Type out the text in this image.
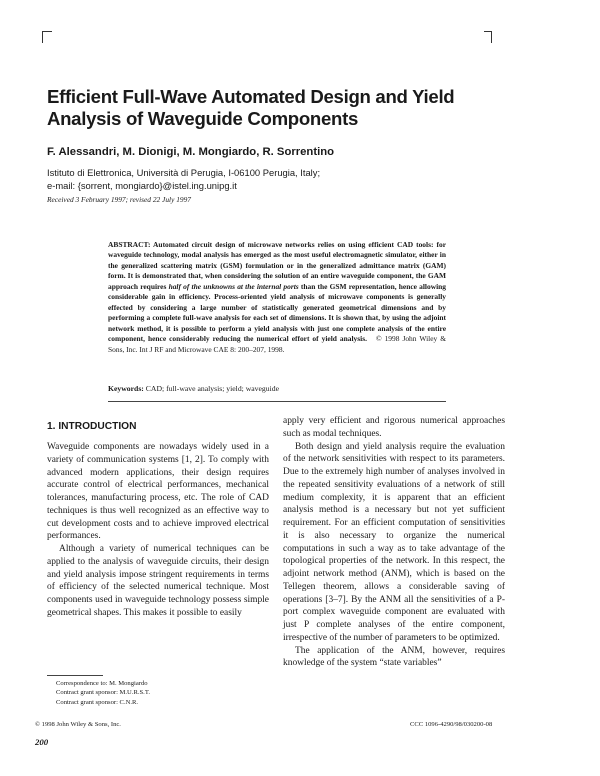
Efficient Full-Wave Automated Design and Yield Analysis of Waveguide Components
F. Alessandri, M. Dionigi, M. Mongiardo, R. Sorrentino
Istituto di Elettronica, Università di Perugia, I-06100 Perugia, Italy;
e-mail: {sorrent, mongiardo}@istel.ing.unipg.it
Received 3 February 1997; revised 22 July 1997
ABSTRACT: Automated circuit design of microwave networks relies on using efficient CAD tools: for waveguide technology, modal analysis has emerged as the most useful electromagnetic simulator, either in the generalized scattering matrix (GSM) formulation or in the generalized admittance matrix (GAM) form. It is demonstrated that, when considering the solution of an entire waveguide component, the GAM approach requires half of the unknowns at the internal ports than the GSM representation, hence allowing considerable gain in efficiency. Process-oriented yield analysis of microwave components is generally effected by considering a large number of statistically generated geometrical dimensions and by performing a complete full-wave analysis for each set of dimensions. It is shown that, by using the adjoint network method, it is possible to perform a yield analysis with just one complete analysis of the entire component, hence considerably reducing the numerical effort of yield analysis. © 1998 John Wiley & Sons, Inc. Int J RF and Microwave CAE 8: 200–207, 1998.
Keywords: CAD; full-wave analysis; yield; waveguide
1. INTRODUCTION

Waveguide components are nowadays widely used in a variety of communication systems [1, 2]. To comply with advanced modern applications, their design requires accurate control of electrical performances, mechanical tolerances, manufacturing process, etc. The role of CAD techniques is thus well recognized as an effective way to cut development costs and to achieve improved electrical performances.

Although a variety of numerical techniques can be applied to the analysis of waveguide circuits, their design and yield analysis impose stringent requirements in terms of efficiency of the selected numerical technique. Most components used in waveguide technology possess simple geometrical shapes. This makes it possible to easily

apply very efficient and rigorous numerical approaches such as modal techniques.

Both design and yield analysis require the evaluation of the network sensitivities with respect to its parameters. Due to the extremely high number of analyses involved in the repeated sensitivity evaluations of a network of still medium complexity, it is apparent that an efficient analysis method is a necessary but not yet sufficient requirement. For an efficient computation of sensitivities it is also necessary to organize the numerical computations in such a way as to take advantage of the topological properties of the network. In this respect, the adjoint network method (ANM), which is based on the Tellegen theorem, allows a considerable saving of operations [3–7]. By the ANM all the sensitivities of a P-port complex waveguide component are evaluated with just P complete analyses of the entire component, irrespective of the number of parameters to be optimized.

The application of the ANM, however, requires knowledge of the system “state variables”

Correspondence to: M. Mongiardo
Contract grant sponsor: M.U.R.S.T.
Contract grant sponsor: C.N.R.
© 1998 John Wiley & Sons, Inc.	CCC 1096-4290/98/030200-08
200
